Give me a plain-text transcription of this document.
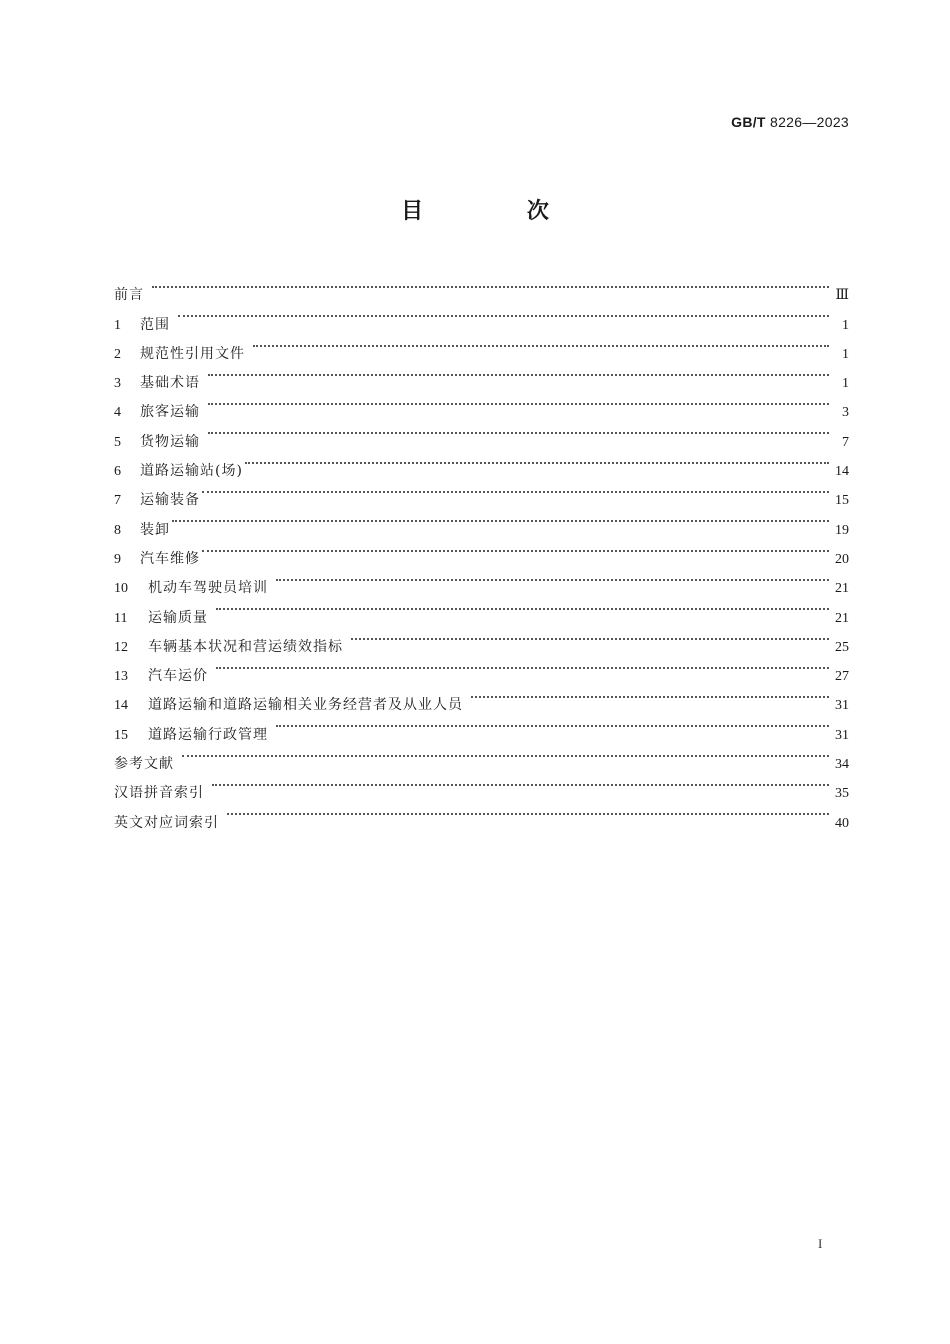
GB/T 8226—2023
目 次
前言	Ⅲ
1	范围	1
2	规范性引用文件	1
3	基础术语	1
4	旅客运输	3
5	货物运输	7
6	道路运输站(场)	14
7	运输装备	15
8	装卸	19
9	汽车维修	20
10	机动车驾驶员培训	21
11	运输质量	21
12	车辆基本状况和营运绩效指标	25
13	汽车运价	27
14	道路运输和道路运输相关业务经营者及从业人员	31
15	道路运输行政管理	31
参考文献	34
汉语拼音索引	35
英文对应词索引	40
I
